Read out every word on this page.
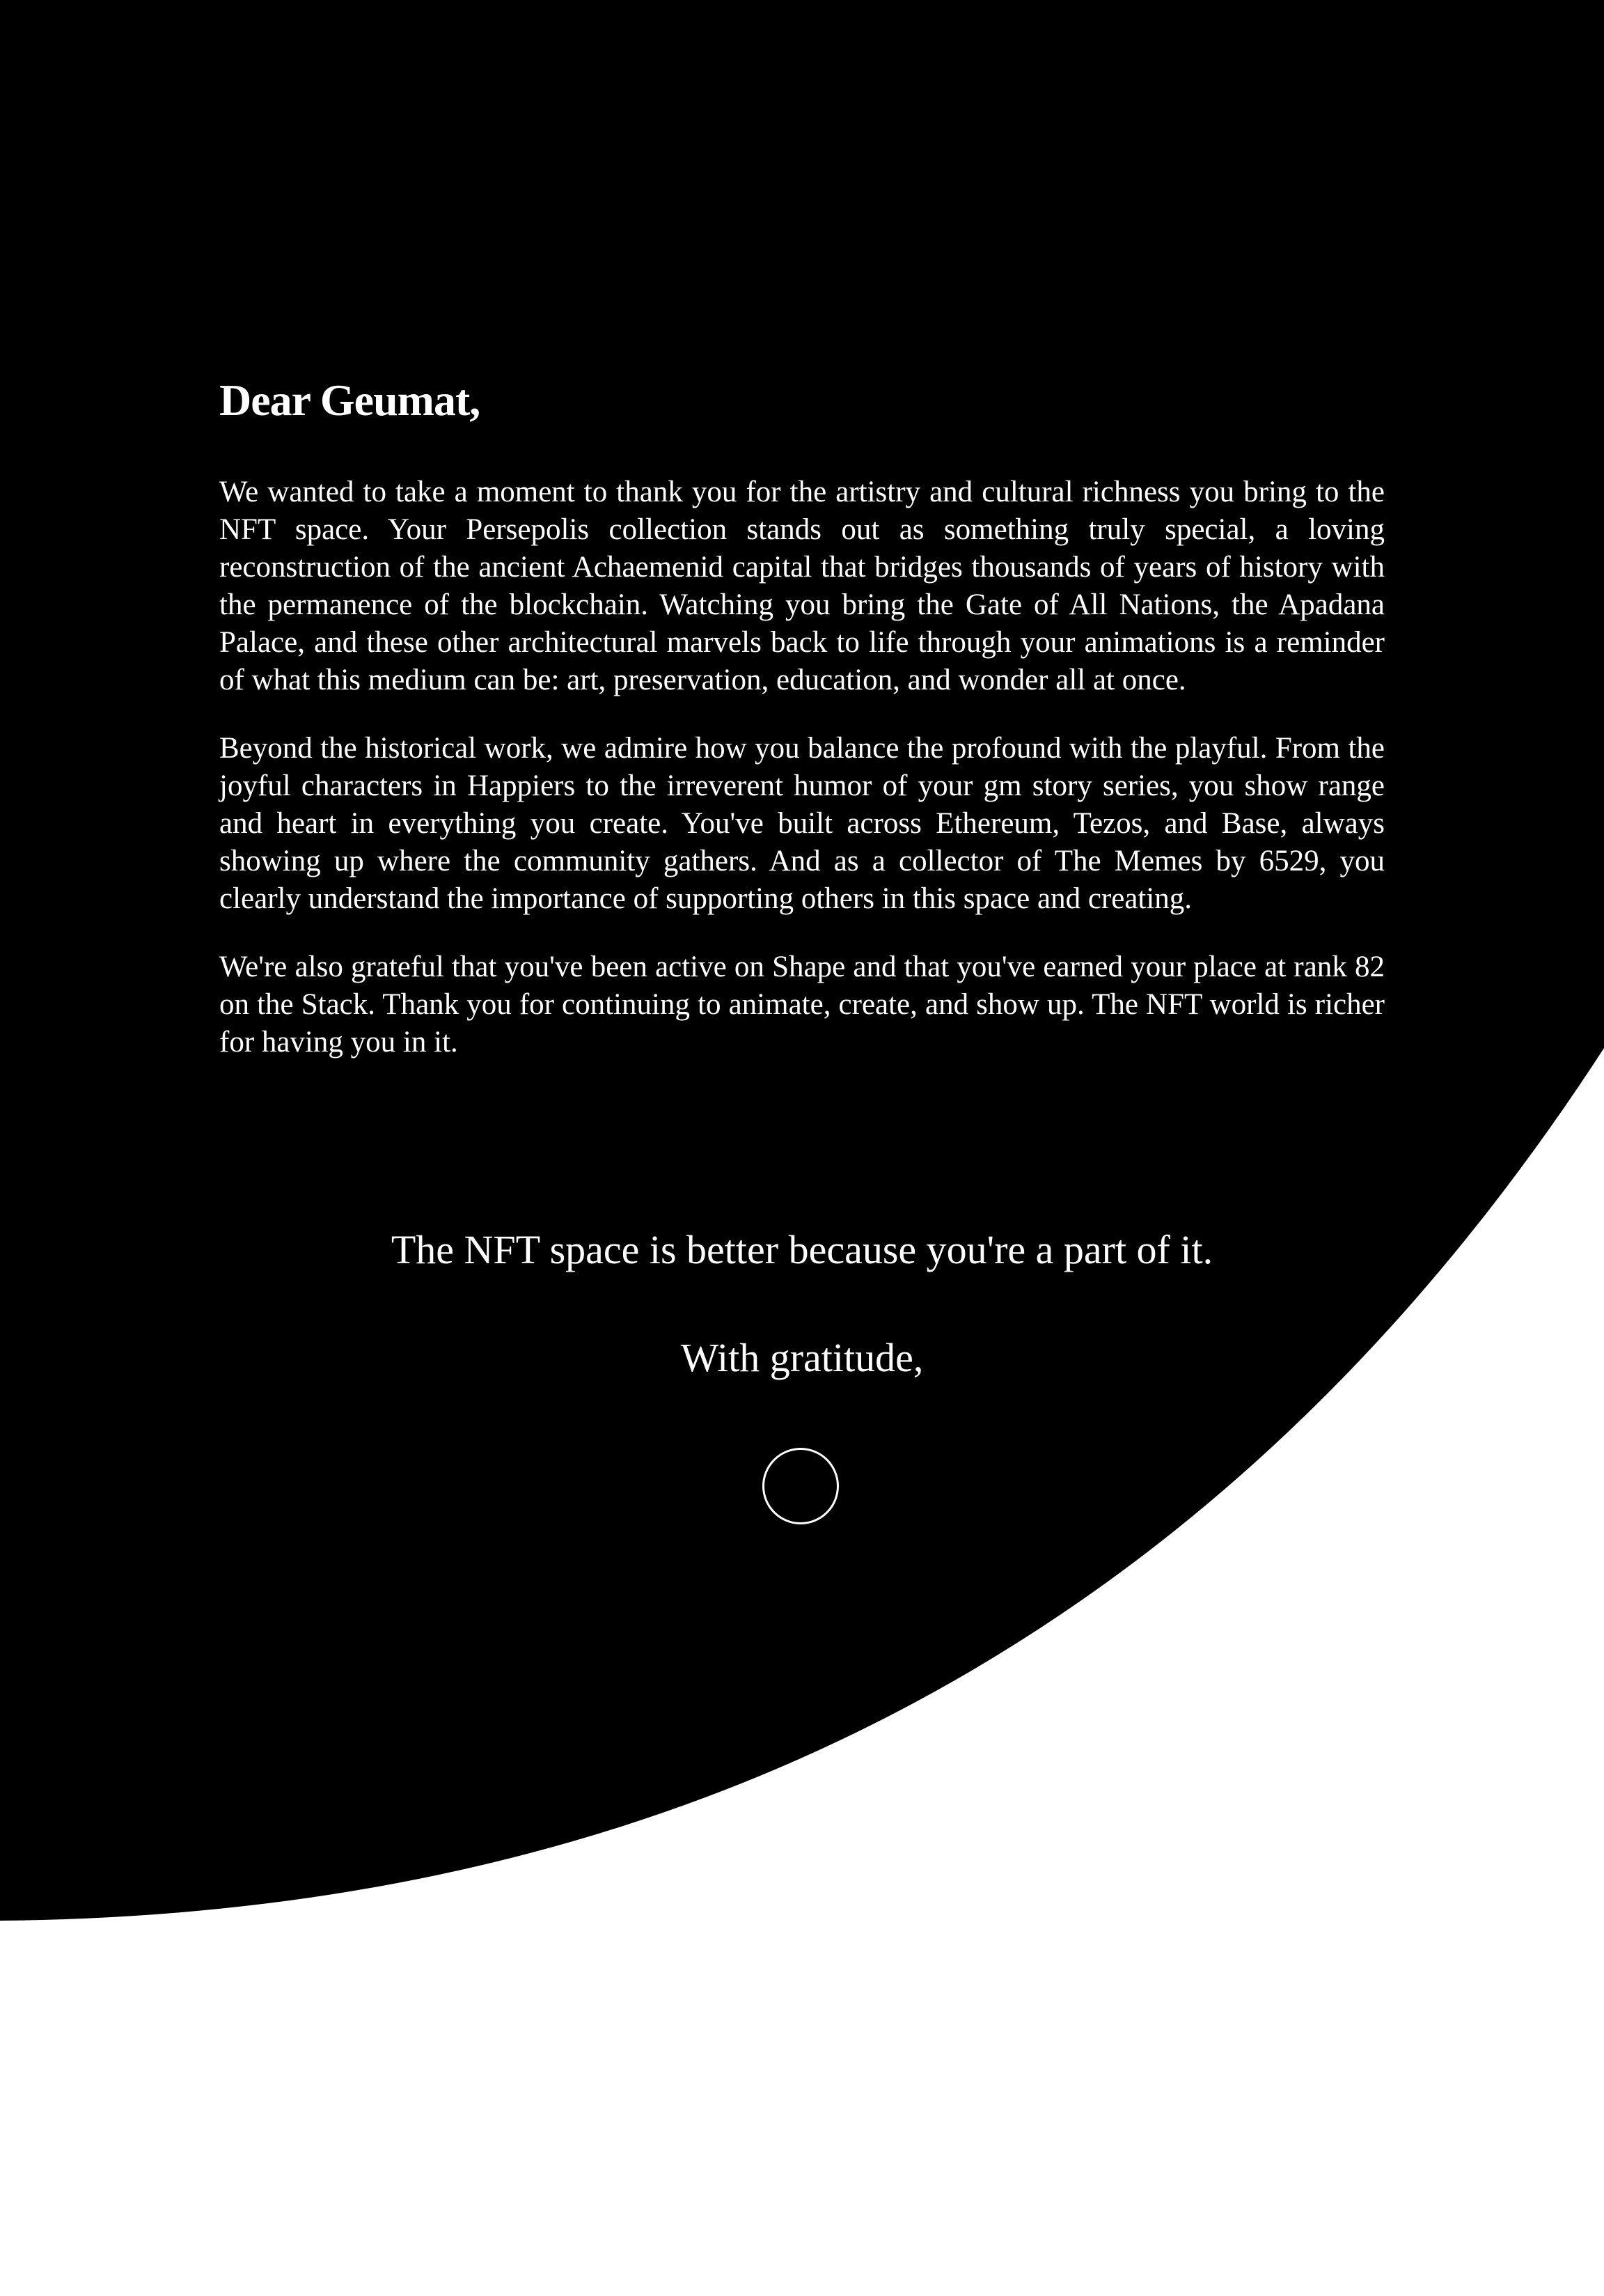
Dear Geumat,

We wanted to take a moment to thank you for the artistry and cultural richness you bring to the NFT space. Your Persepolis collection stands out as something truly special, a loving reconstruction of the ancient Achaemenid capital that bridges thousands of years of history with the permanence of the blockchain. Watching you bring the Gate of All Nations, the Apadana Palace, and these other architectural marvels back to life through your animations is a reminder of what this medium can be: art, preservation, education, and wonder all at once.

Beyond the historical work, we admire how you balance the profound with the playful. From the joyful characters in Happiers to the irreverent humor of your gm story series, you show range and heart in everything you create. You've built across Ethereum, Tezos, and Base, always showing up where the community gathers. And as a collector of The Memes by 6529, you clearly understand the importance of supporting others in this space and creating.

We're also grateful that you've been active on Shape and that you've earned your place at rank 82 on the Stack. Thank you for continuing to animate, create, and show up. The NFT world is richer for having you in it.

The NFT space is better because you're a part of it.
With gratitude,
